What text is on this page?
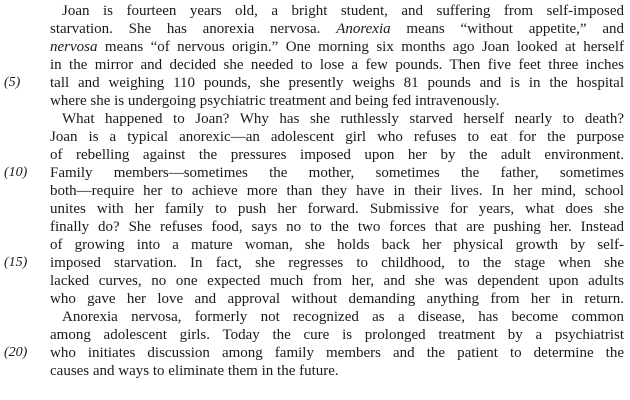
Joan is fourteen years old, a bright student, and suffering from self-imposed
starvation. She has anorexia nervosa. Anorexia means “without appetite,” and
nervosa means “of nervous origin.” One morning six months ago Joan looked at herself
in the mirror and decided she needed to lose a few pounds. Then five feet three inches
(5)	tall and weighing 110 pounds, she presently weighs 81 pounds and is in the hospital
where she is undergoing psychiatric treatment and being fed intravenously.
What happened to Joan? Why has she ruthlessly starved herself nearly to death?
Joan is a typical anorexic—an adolescent girl who refuses to eat for the purpose
of rebelling against the pressures imposed upon her by the adult environment.
(10)	Family members—sometimes the mother, sometimes the father, sometimes
both—require her to achieve more than they have in their lives. In her mind, school
unites with her family to push her forward. Submissive for years, what does she
finally do? She refuses food, says no to the two forces that are pushing her. Instead
of growing into a mature woman, she holds back her physical growth by self-
(15)	imposed starvation. In fact, she regresses to childhood, to the stage when she
lacked curves, no one expected much from her, and she was dependent upon adults
who gave her love and approval without demanding anything from her in return.
Anorexia nervosa, formerly not recognized as a disease, has become common
among adolescent girls. Today the cure is prolonged treatment by a psychiatrist
(20)	who initiates discussion among family members and the patient to determine the
causes and ways to eliminate them in the future.
